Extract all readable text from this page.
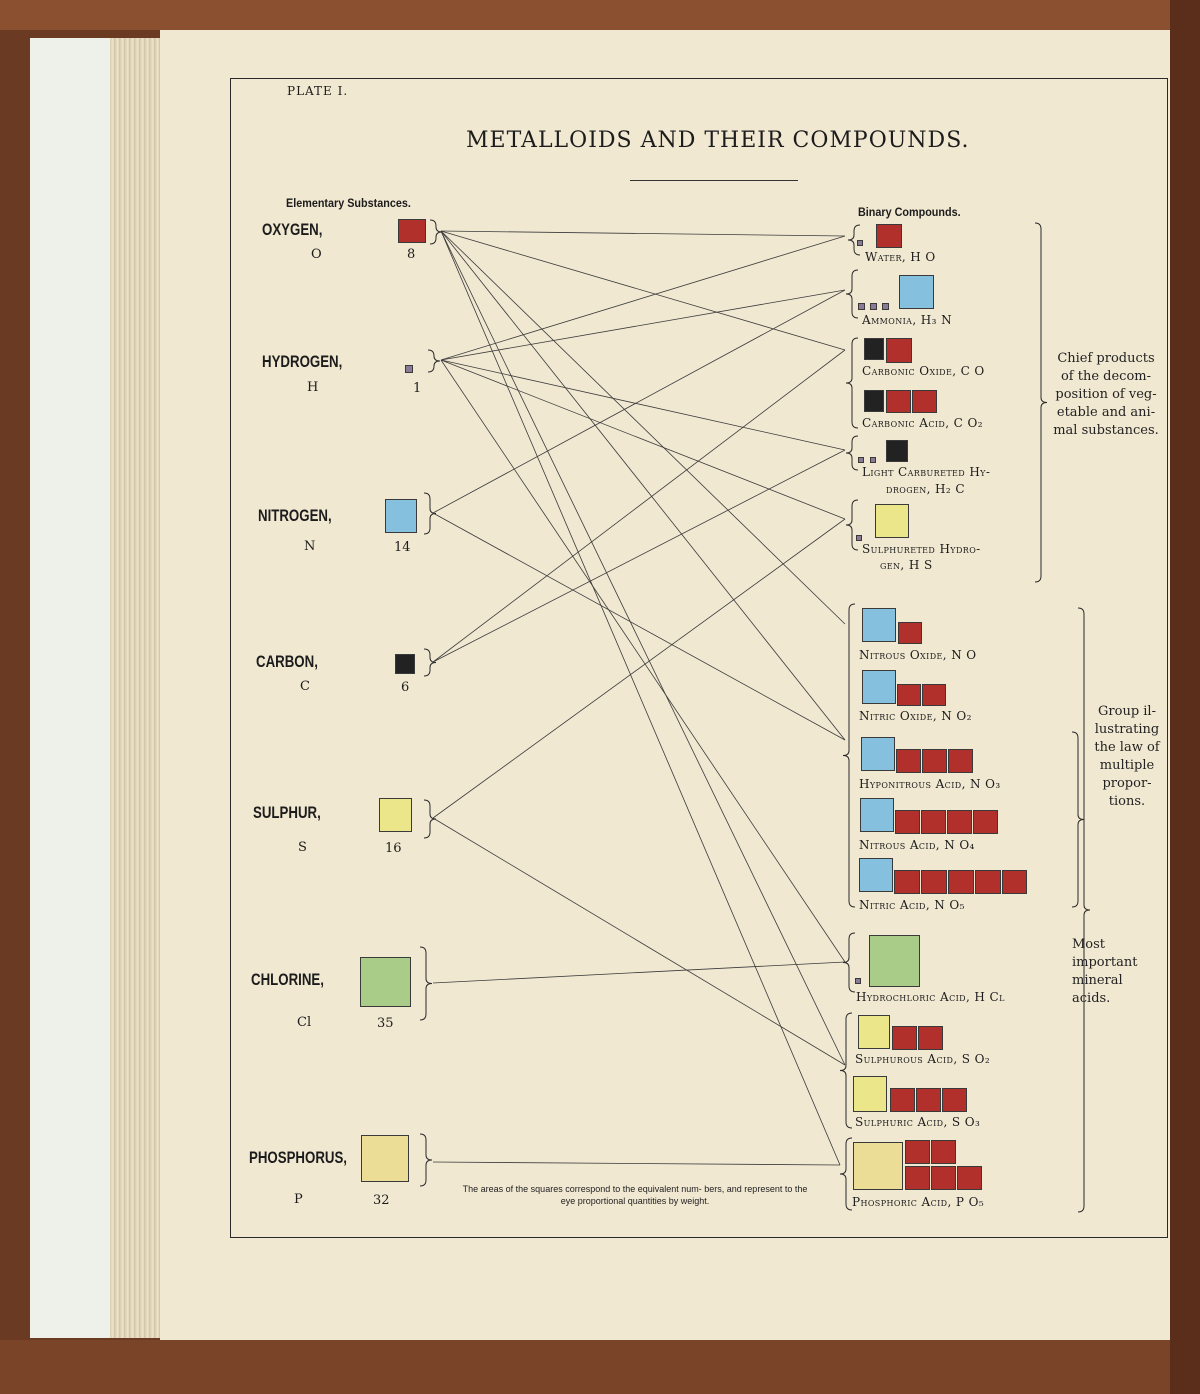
PLATE I.
METALLOIDS AND THEIR COMPOUNDS.
Elementary Substances.
Binary Compounds.
OXYGEN,
O	8
HYDROGEN,
H	1
NITROGEN,
N	14
CARBON,
C	6
SULPHUR,
S	16
CHLORINE,
Cl	35
PHOSPHORUS,
P	32
Water, H O
Ammonia, H₃ N
Carbonic Oxide, C O
Carbonic Acid, C O₂
Light Carbureted Hy-
drogen, H₂ C
Sulphureted Hydro-
gen, H S
Nitrous Oxide, N O
Nitric Oxide, N O₂
Hyponitrous Acid, N O₃
Nitrous Acid, N O₄
Nitric Acid, N O₅
Hydrochloric Acid, H Cl
Sulphurous Acid, S O₂
Sulphuric Acid, S O₃
Phosphoric Acid, P O₅
Chief products of the decom- position of veg- etable and ani- mal substances.
Group il- lustrating the law of multiple propor- tions.
Most important mineral acids.
The areas of the squares correspond to the equivalent num- bers, and represent to the eye proportional quantities by weight.
